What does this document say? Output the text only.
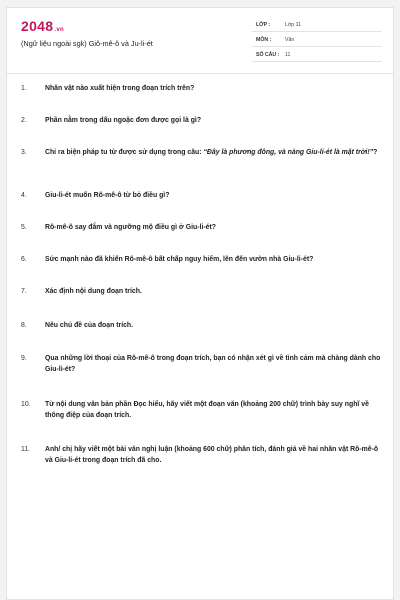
2048.vn
(Ngữ liệu ngoài sgk) Giô-mê-ô và Ju-li-ét
LỚP :	Lớp 11
MÔN :	Văn
SỐ CÂU : 11
1.	Nhân vật nào xuất hiện trong đoạn trích trên?
2.	Phần nằm trong dấu ngoặc đơn được gọi là gì?
3.	Chỉ ra biện pháp tu từ được sử dụng trong câu: “Đây là phương đông, và nàng Giu-li-ét là mặt trời!”?
4.	Giu-li-ét muốn Rô-mê-ô từ bỏ điều gì?
5.	Rô-mê-ô say đắm và ngưỡng mộ điều gì ở Giu-li-ét?
6.	Sức mạnh nào đã khiến Rô-mê-ô bất chấp nguy hiểm, lên đến vườn nhà Giu-li-ét?
7.	Xác định nội dung đoạn trích.
8.	Nêu chủ đề của đoạn trích.
9.	Qua những lời thoại của Rô-mê-ô trong đoạn trích, bạn có nhận xét gì về tình cảm mà chàng dành cho Giu-li-ét?
10.	Từ nội dung văn bản phần Đọc hiểu, hãy viết một đoạn văn (khoảng 200 chữ) trình bày suy nghĩ về thông điệp của đoạn trích.
11.	Anh/ chị hãy viết một bài văn nghị luận (khoảng 600 chữ) phân tích, đánh giá về hai nhân vật Rô-mê-ô và Giu-li-ét trong đoạn trích đã cho.
